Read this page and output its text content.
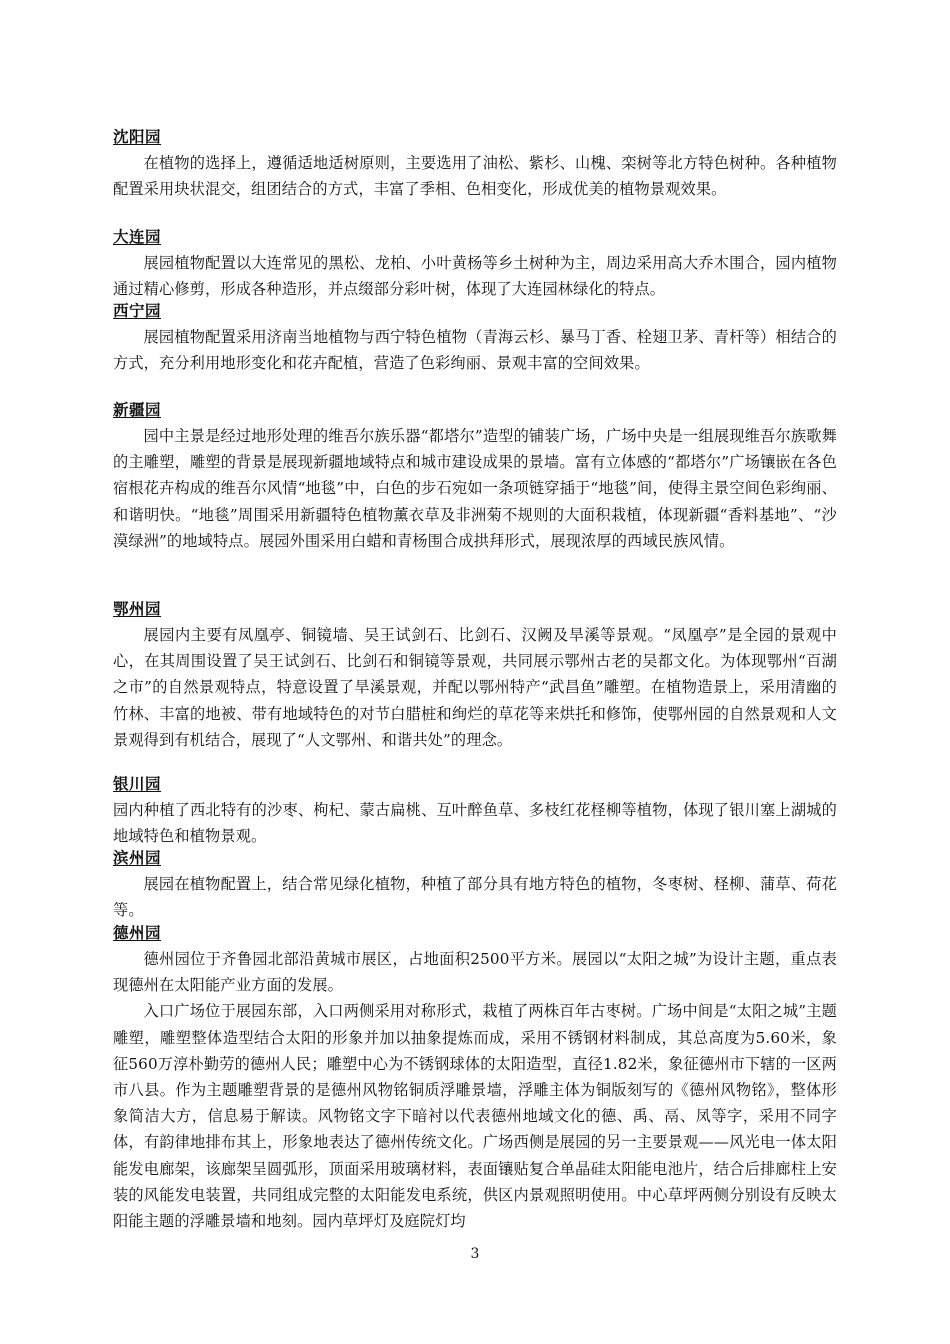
沈阳园

在植物的选择上，遵循适地适树原则，主要选用了油松、紫杉、山槐、栾树等北方特色树种。各种植物配置采用块状混交，组团结合的方式，丰富了季相、色相变化，形成优美的植物景观效果。

大连园

展园植物配置以大连常见的黑松、龙柏、小叶黄杨等乡土树种为主，周边采用高大乔木围合，园内植物通过精心修剪，形成各种造形，并点缀部分彩叶树，体现了大连园林绿化的特点。

西宁园

展园植物配置采用济南当地植物与西宁特色植物（青海云杉、暴马丁香、栓翅卫茅、青杆等）相结合的方式，充分利用地形变化和花卉配植，营造了色彩绚丽、景观丰富的空间效果。

新疆园

园中主景是经过地形处理的维吾尔族乐器“都塔尔”造型的铺装广场，广场中央是一组展现维吾尔族歌舞的主雕塑，雕塑的背景是展现新疆地域特点和城市建设成果的景墙。富有立体感的“都塔尔”广场镶嵌在各色宿根花卉构成的维吾尔风情“地毯”中，白色的步石宛如一条项链穿插于“地毯”间，使得主景空间色彩绚丽、和谐明快。“地毯”周围采用新疆特色植物薰衣草及非洲菊不规则的大面积栽植，体现新疆“香料基地”、“沙漠绿洲”的地域特点。展园外围采用白蜡和青杨围合成拱拜形式，展现浓厚的西域民族风情。

鄂州园

展园内主要有凤凰亭、铜镜墙、吴王试剑石、比剑石、汉阙及旱溪等景观。“凤凰亭”是全园的景观中心，在其周围设置了吴王试剑石、比剑石和铜镜等景观，共同展示鄂州古老的吴都文化。为体现鄂州“百湖之市”的自然景观特点，特意设置了旱溪景观，并配以鄂州特产“武昌鱼”雕塑。在植物造景上，采用清幽的竹林、丰富的地被、带有地域特色的对节白腊桩和绚烂的草花等来烘托和修饰，使鄂州园的自然景观和人文景观得到有机结合，展现了“人文鄂州、和谐共处”的理念。

银川园

园内种植了西北特有的沙枣、枸杞、蒙古扁桃、互叶醉鱼草、多枝红花柽柳等植物，体现了银川塞上湖城的地域特色和植物景观。

滨州园

展园在植物配置上，结合常见绿化植物，种植了部分具有地方特色的植物，冬枣树、柽柳、蒲草、荷花等。

德州园

德州园位于齐鲁园北部沿黄城市展区，占地面积2500平方米。展园以“太阳之城”为设计主题，重点表现德州在太阳能产业方面的发展。

入口广场位于展园东部，入口两侧采用对称形式，栽植了两株百年古枣树。广场中间是“太阳之城”主题雕塑，雕塑整体造型结合太阳的形象并加以抽象提炼而成，采用不锈钢材料制成，其总高度为5.60米，象征560万淳朴勤劳的德州人民；雕塑中心为不锈钢球体的太阳造型，直径1.82米，象征德州市下辖的一区两市八县。作为主题雕塑背景的是德州风物铭铜质浮雕景墙，浮雕主体为铜版刻写的《德州风物铭》，整体形象简洁大方，信息易于解读。风物铭文字下暗衬以代表德州地域文化的德、禹、鬲、凤等字，采用不同字体，有韵律地排布其上，形象地表达了德州传统文化。广场西侧是展园的另一主要景观——风光电一体太阳能发电廊架，该廊架呈圆弧形，顶面采用玻璃材料，表面镶贴复合单晶硅太阳能电池片，结合后排廊柱上安装的风能发电装置，共同组成完整的太阳能发电系统，供区内景观照明使用。中心草坪两侧分别设有反映太阳能主题的浮雕景墙和地刻。园内草坪灯及庭院灯均

3
